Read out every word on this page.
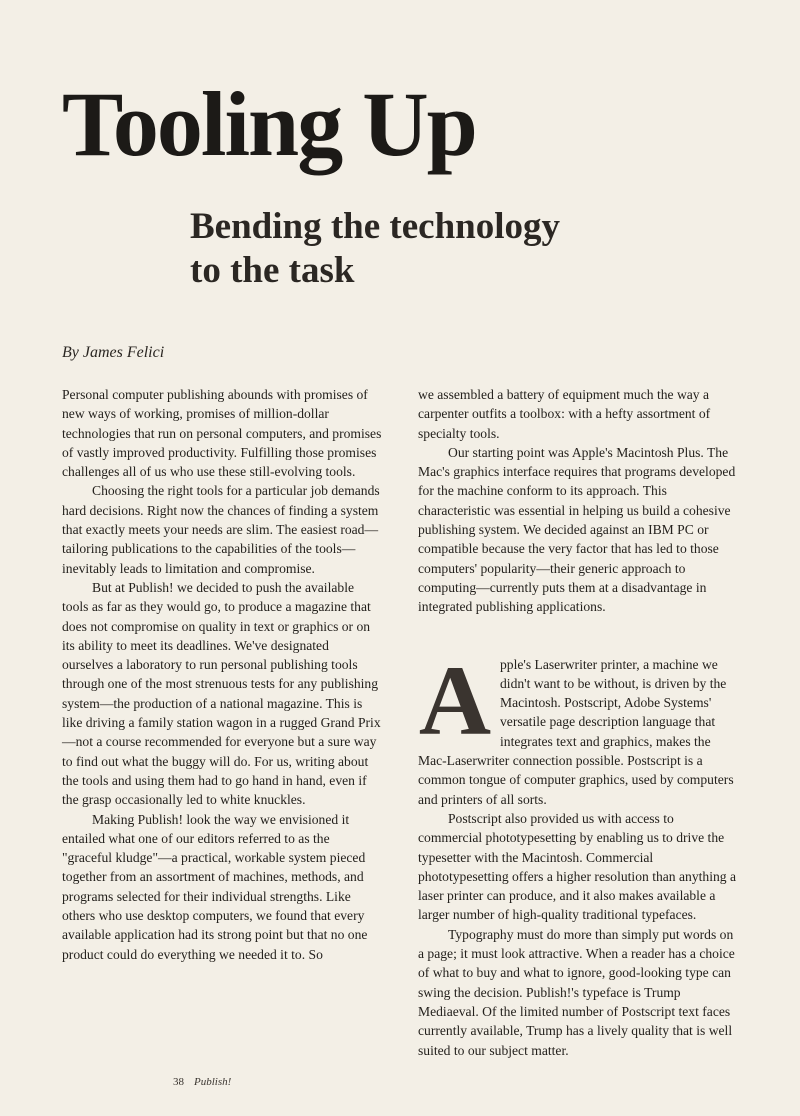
Tooling Up
Bending the technology
to the task

By James Felici

Personal computer publishing abounds with promises of new ways of working, promises of million-dollar technologies that run on personal computers, and promises of vastly improved productivity. Fulfilling those promises challenges all of us who use these still-evolving tools.

Choosing the right tools for a particular job demands hard decisions. Right now the chances of finding a system that exactly meets your needs are slim. The easiest road—tailoring publications to the capabilities of the tools—inevitably leads to limitation and compromise.

But at Publish! we decided to push the available tools as far as they would go, to produce a magazine that does not compromise on quality in text or graphics or on its ability to meet its deadlines. We've designated ourselves a laboratory to run personal publishing tools through one of the most strenuous tests for any publishing system—the production of a national magazine. This is like driving a family station wagon in a rugged Grand Prix—not a course recommended for everyone but a sure way to find out what the buggy will do. For us, writing about the tools and using them had to go hand in hand, even if the grasp occasionally led to white knuckles.

Making Publish! look the way we envisioned it entailed what one of our editors referred to as the "graceful kludge"—a practical, workable system pieced together from an assortment of machines, methods, and programs selected for their individual strengths. Like others who use desktop computers, we found that every available application had its strong point but that no one product could do everything we needed it to. So

we assembled a battery of equipment much the way a carpenter outfits a toolbox: with a hefty assortment of specialty tools.

Our starting point was Apple's Macintosh Plus. The Mac's graphics interface requires that programs developed for the machine conform to its approach. This characteristic was essential in helping us build a cohesive publishing system. We decided against an IBM PC or compatible because the very factor that has led to those computers' popularity—their generic approach to computing—currently puts them at a disadvantage in integrated publishing applications.

A pple's Laserwriter printer, a machine we didn't want to be without, is driven by the Macintosh. Postscript, Adobe Systems' versatile page description language that integrates text and graphics, makes the Mac-Laserwriter connection possible. Postscript is a common tongue of computer graphics, used by computers and printers of all sorts.

Postscript also provided us with access to commercial phototypesetting by enabling us to drive the typesetter with the Macintosh. Commercial phototypesetting offers a higher resolution than anything a laser printer can produce, and it also makes available a larger number of high-quality traditional typefaces.

Typography must do more than simply put words on a page; it must look attractive. When a reader has a choice of what to buy and what to ignore, good-looking type can swing the decision. Publish!'s typeface is Trump Mediaeval. Of the limited number of Postscript text faces currently available, Trump has a lively quality that is well suited to our subject matter.

38 Publish!
